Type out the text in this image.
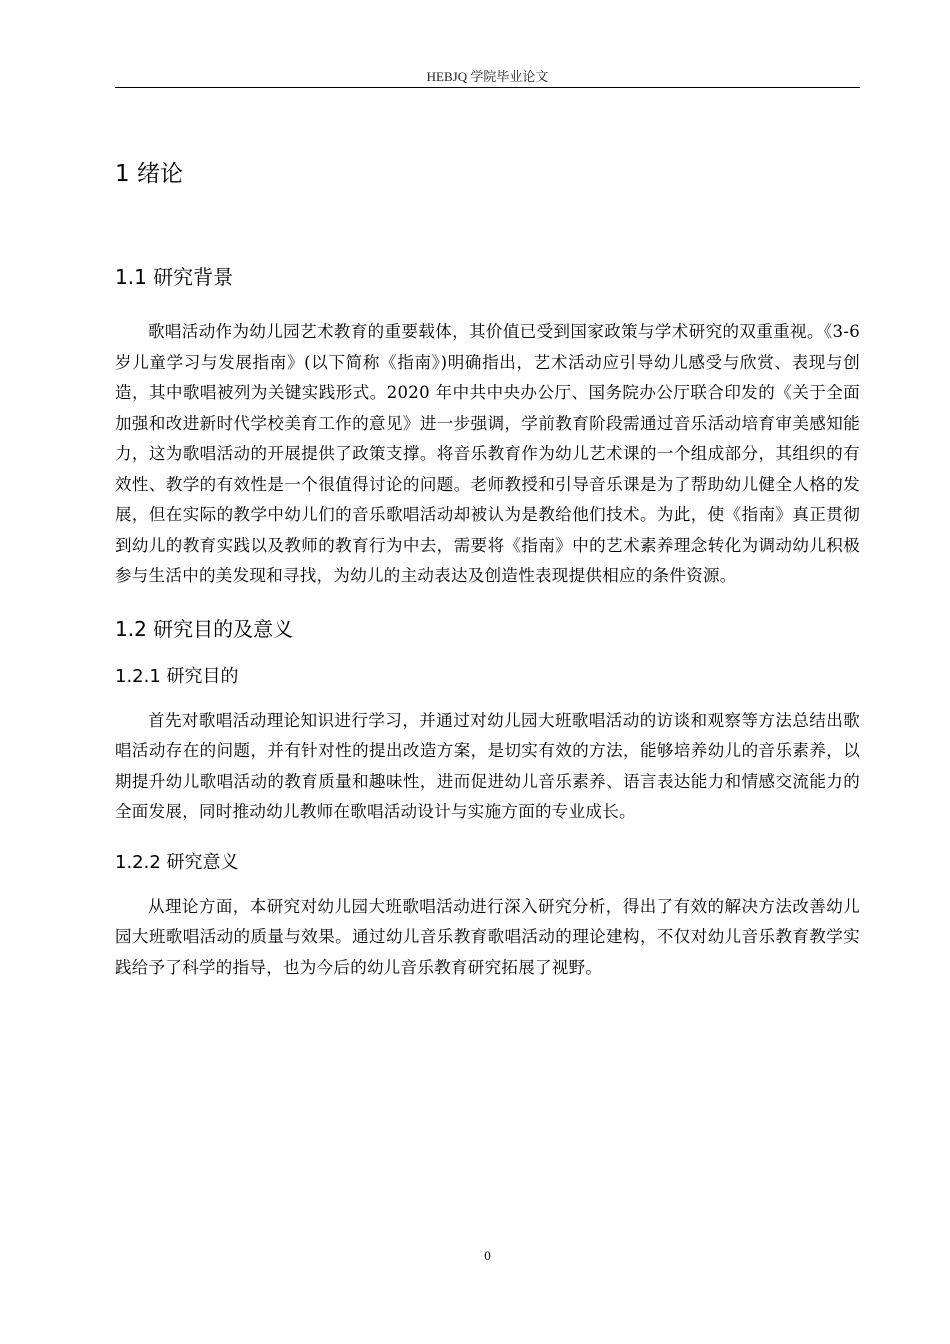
HEBJQ 学院毕业论文
1 绪论
1.1 研究背景

歌唱活动作为幼儿园艺术教育的重要载体，其价值已受到国家政策与学术研究的双重重视。《3-6 岁儿童学习与发展指南》(以下简称《指南》)明确指出，艺术活动应引导幼儿感受与欣赏、表现与创造，其中歌唱被列为关键实践形式。2020 年中共中央办公厅、国务院办公厅联合印发的《关于全面加强和改进新时代学校美育工作的意见》进一步强调，学前教育阶段需通过音乐活动培育审美感知能力，这为歌唱活动的开展提供了政策支撑。将音乐教育作为幼儿艺术课的一个组成部分，其组织的有效性、教学的有效性是一个很值得讨论的问题。老师教授和引导音乐课是为了帮助幼儿健全人格的发展，但在实际的教学中幼儿们的音乐歌唱活动却被认为是教给他们技术。为此，使《指南》真正贯彻到幼儿的教育实践以及教师的教育行为中去，需要将《指南》中的艺术素养理念转化为调动幼儿积极参与生活中的美发现和寻找，为幼儿的主动表达及创造性表现提供相应的条件资源。

1.2 研究目的及意义
1.2.1 研究目的

首先对歌唱活动理论知识进行学习，并通过对幼儿园大班歌唱活动的访谈和观察等方法总结出歌唱活动存在的问题，并有针对性的提出改造方案，是切实有效的方法，能够培养幼儿的音乐素养，以期提升幼儿歌唱活动的教育质量和趣味性，进而促进幼儿音乐素养、语言表达能力和情感交流能力的全面发展，同时推动幼儿教师在歌唱活动设计与实施方面的专业成长。

1.2.2 研究意义

从理论方面，本研究对幼儿园大班歌唱活动进行深入研究分析，得出了有效的解决方法改善幼儿园大班歌唱活动的质量与效果。通过幼儿音乐教育歌唱活动的理论建构，不仅对幼儿音乐教育教学实践给予了科学的指导，也为今后的幼儿音乐教育研究拓展了视野。

0
